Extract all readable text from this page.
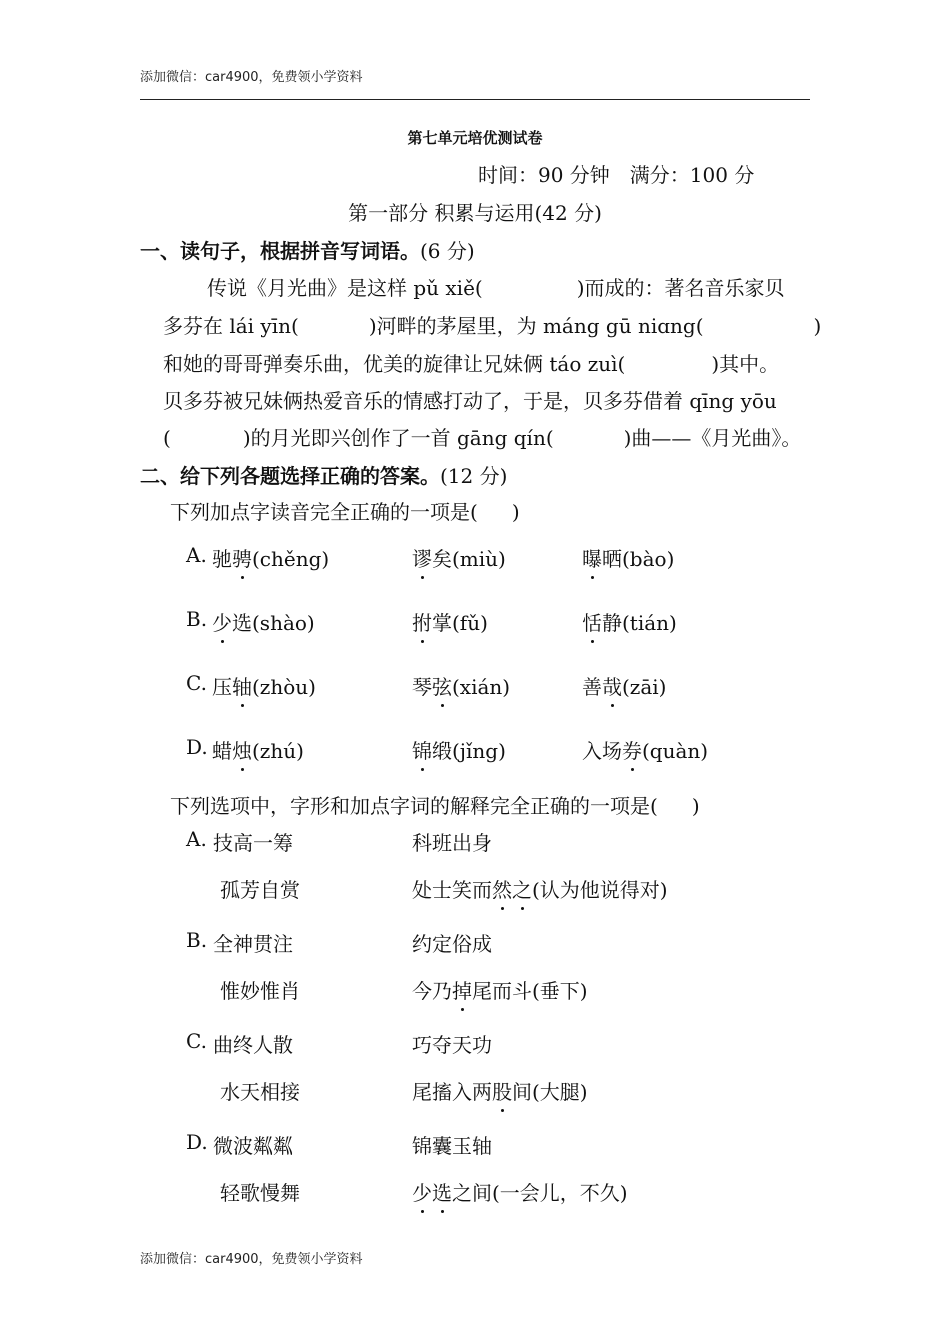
添加微信：car4900，免费领小学资料
第七单元培优测试卷
时间：90 分钟　满分：100 分
第一部分 积累与运用(42 分)
一、读句子，根据拼音写词语。(6 分)
传说《月光曲》是这样 pǔ xiě(	)而成的：著名音乐家贝
多芬在 lái yīn(	)河畔的茅屋里，为 máng gū niɑng(	)
和她的哥哥弹奏乐曲，优美的旋律让兄妹俩 táo zuì(	)其中。
贝多芬被兄妹俩热爱音乐的情感打动了，于是，贝多芬借着 qīng yōu
(	)的月光即兴创作了一首 gāng qín(	)曲——《月光曲》。
二、给下列各题选择正确的答案。(12 分)
下列加点字读音完全正确的一项是( )
A. 驰骋(chěng)	谬矣(miù)	曝晒(bào)
B. 少选(shào)	拊掌(fǔ)	恬静(tián)
C. 压轴(zhòu)	琴弦(xián)	善哉(zāi)
D. 蜡烛(zhú)	锦缎(jǐng)	入场券(quàn)
下列选项中，字形和加点字词的解释完全正确的一项是( )
A. 技高一筹	科班出身
孤芳自赏	处士笑而然之(认为他说得对)
B. 全神贯注	约定俗成
惟妙惟肖	今乃掉尾而斗(垂下)
C. 曲终人散	巧夺天功
水天相接	尾搐入两股间(大腿)
D. 微波粼粼	锦囊玉轴
轻歌慢舞	少选之间(一会儿，不久)
添加微信：car4900，免费领小学资料
